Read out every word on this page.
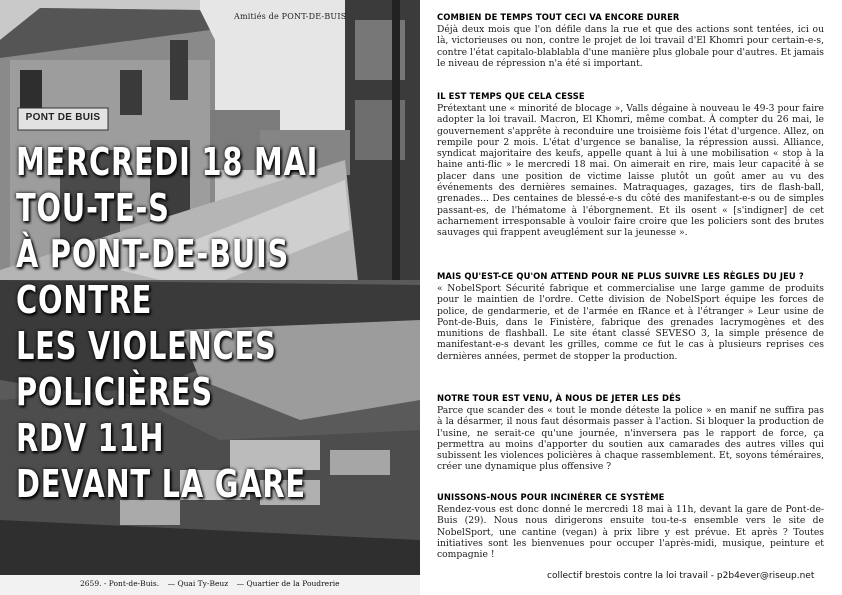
Amitiés de PONT-DE-BUIS
PONT DE BUIS
2659. - Pont-de-Buis. — Quai Ty-Beuz — Quartier de la Poudrerie
MERCREDI 18 MAI
TOU-TE-S
À PONT-DE-BUIS
CONTRE
LES VIOLENCES
POLICIÈRES
RDV 11H
DEVANT LA GARE
COMBIEN DE TEMPS TOUT CECI VA ENCORE DURER

Déjà deux mois que l'on défile dans la rue et que des actions sont tentées, ici ou là, victorieuses ou non, contre le projet de loi travail d'El Khomri pour certain-e-s, contre l'état capitalo-blablabla d'une manière plus globale pour d'autres. Et jamais le niveau de répression n'a été si important.

IL EST TEMPS QUE CELA CESSE

Prétextant une « minorité de blocage », Valls dégaine à nouveau le 49-3 pour faire adopter la loi travail. Macron, El Khomri, même combat. À compter du 26 mai, le gouvernement s'apprête à reconduire une troisième fois l'état d'urgence. Allez, on rempile pour 2 mois. L'état d'urgence se banalise, la répression aussi. Alliance, syndicat majoritaire des keufs, appelle quant à lui à une mobilisation « stop à la haine anti-flic » le mercredi 18 mai. On aimerait en rire, mais leur capacité à se placer dans une position de victime laisse plutôt un goût amer au vu des événements des dernières semaines. Matraquages, gazages, tirs de flash-ball, grenades... Des centaines de blessé-e-s du côté des manifestant-e-s ou de simples passant-es, de l'hématome à l'éborgnement. Et ils osent « [s'indigner] de cet acharnement irresponsable à vouloir faire croire que les policiers sont des brutes sauvages qui frappent aveuglément sur la jeunesse ».

MAIS QU'EST-CE QU'ON ATTEND POUR NE PLUS SUIVRE LES RÈGLES DU JEU ?

« NobelSport Sécurité fabrique et commercialise une large gamme de produits pour le maintien de l'ordre. Cette division de NobelSport équipe les forces de police, de gendarmerie, et de l'armée en fRance et à l'étranger » Leur usine de Pont-de-Buis, dans le Finistère, fabrique des grenades lacrymogènes et des munitions de flashball. Le site étant classé SEVESO 3, la simple présence de manifestant-e-s devant les grilles, comme ce fut le cas à plusieurs reprises ces dernières années, permet de stopper la production.

NOTRE TOUR EST VENU, À NOUS DE JETER LES DÉS

Parce que scander des « tout le monde déteste la police » en manif ne suffira pas à la désarmer, il nous faut désormais passer à l'action. Si bloquer la production de l'usine, ne serait-ce qu'une journée, n'inversera pas le rapport de force, ça permettra au moins d'apporter du soutien aux camarades des autres villes qui subissent les violences policières à chaque rassemblement. Et, soyons téméraires, créer une dynamique plus offensive ?

UNISSONS-NOUS POUR INCINÉRER CE SYSTÈME

Rendez-vous est donc donné le mercredi 18 mai à 11h, devant la gare de Pont-de-Buis (29). Nous nous dirigerons ensuite tou-te-s ensemble vers le site de NobelSport, une cantine (vegan) à prix libre y est prévue. Et après ? Toutes initiatives sont les bienvenues pour occuper l'après-midi, musique, peinture et compagnie !

collectif brestois contre la loi travail - p2b4ever@riseup.net
